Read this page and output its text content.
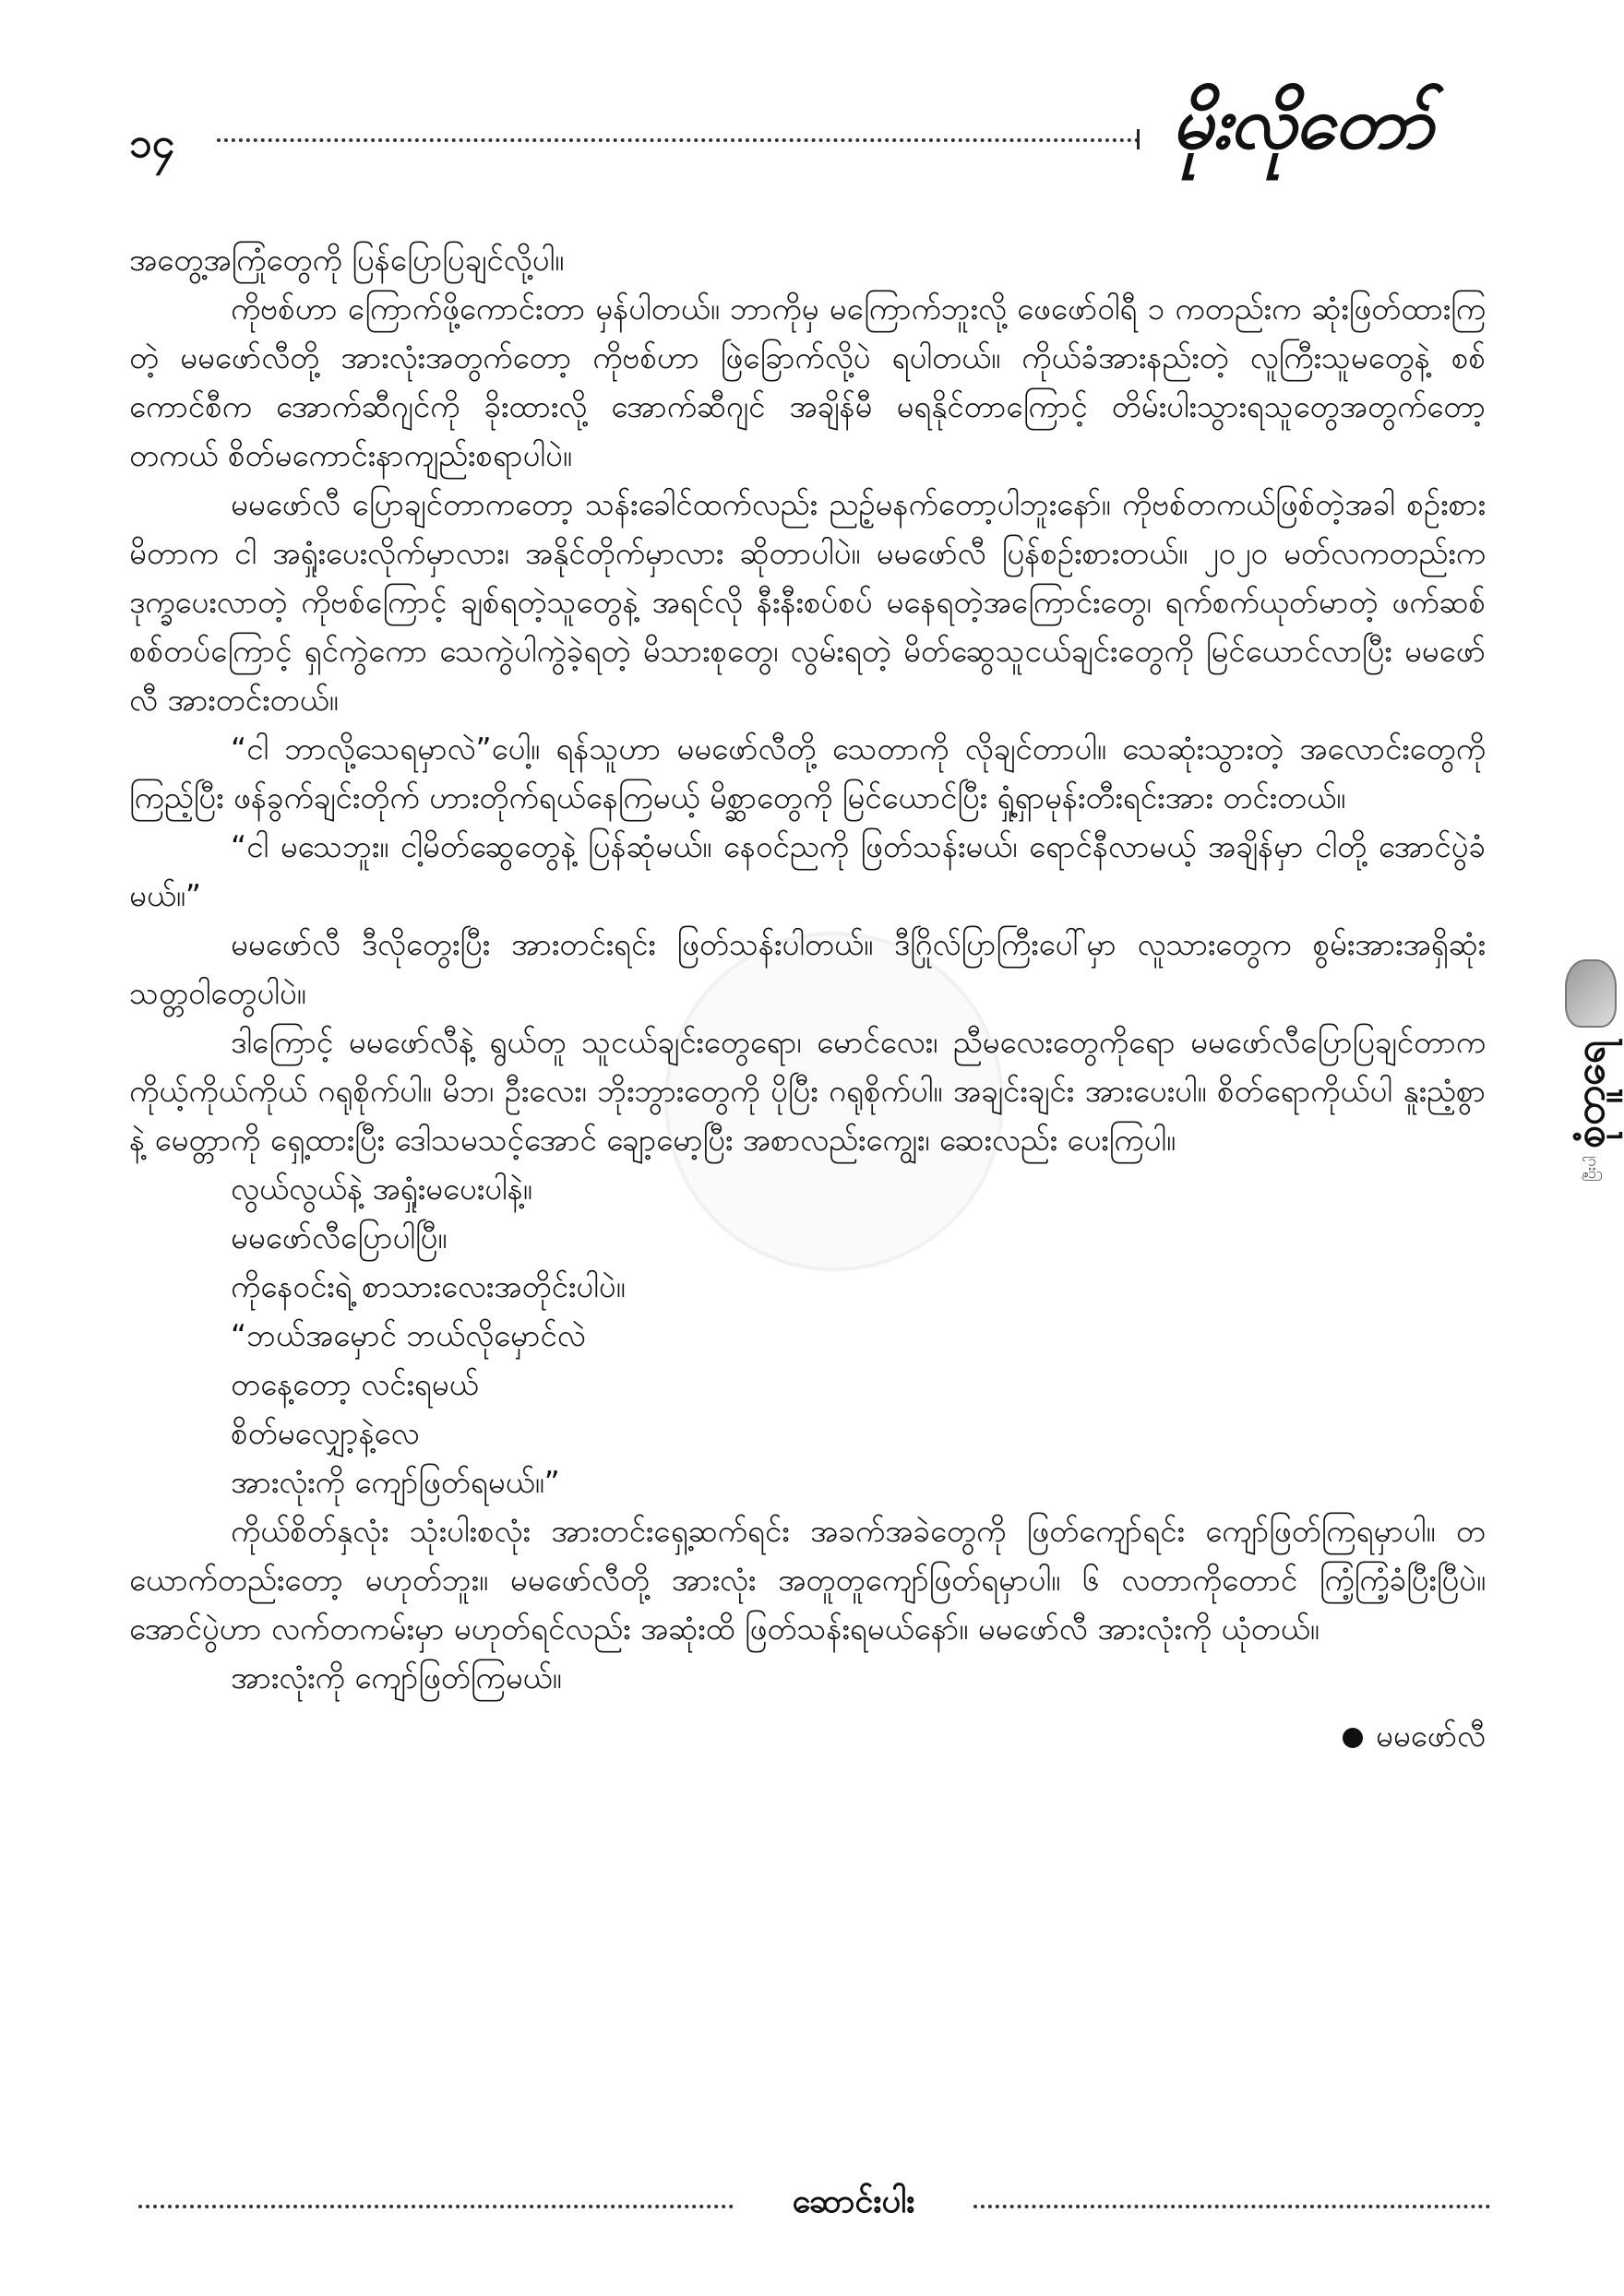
၁၄	မိုးလိုတော်

အတွေ့အကြုံတွေကို ပြန်ပြောပြချင်လို့ပါ။

ကိုဗစ်ဟာ ကြောက်ဖို့ကောင်းတာ မှန်ပါတယ်။ ဘာကိုမှ မကြောက်ဘူးလို့ ဖေဖော်ဝါရီ ၁ ကတည်းက ဆုံးဖြတ်ထားကြတဲ့ မမဖော်လီတို့ အားလုံးအတွက်တော့ ကိုဗစ်ဟာ ဖြဲခြောက်လို့ပဲ ရပါတယ်။ ကိုယ်ခံအားနည်းတဲ့ လူကြီးသူမတွေနဲ့ စစ်ကောင်စီက အောက်ဆီဂျင်ကို ခိုးထားလို့ အောက်ဆီဂျင် အချိန်မီ မရနိုင်တာကြောင့် တိမ်းပါးသွားရသူတွေအတွက်တော့ တကယ် စိတ်မကောင်းနာကျည်းစရာပါပဲ။

မမဖော်လီ ပြောချင်တာကတော့ သန်းခေါင်ထက်လည်း ညဥ့်မနက်တော့ပါဘူးနော်။ ကိုဗစ်တကယ်ဖြစ်တဲ့အခါ စဉ်းစားမိတာက ငါ အရှုံးပေးလိုက်မှာလား၊ အနိုင်တိုက်မှာလား ဆိုတာပါပဲ။ မမဖော်လီ ပြန်စဉ်းစားတယ်။ ၂၀၂၀ မတ်လကတည်းက ဒုက္ခပေးလာတဲ့ ကိုဗစ်ကြောင့် ချစ်ရတဲ့သူတွေနဲ့ အရင်လို နီးနီးစပ်စပ် မနေရတဲ့အကြောင်းတွေ၊ ရက်စက်ယုတ်မာတဲ့ ဖက်ဆစ်စစ်တပ်ကြောင့် ရှင်ကွဲကော သေကွဲပါကွဲခဲ့ရတဲ့ မိသားစုတွေ၊ လွမ်းရတဲ့ မိတ်ဆွေသူငယ်ချင်းတွေကို မြင်ယောင်လာပြီး မမဖော်လီ အားတင်းတယ်။

“ငါ ဘာလို့သေရမှာလဲ”ပေါ့။ ရန်သူဟာ မမဖော်လီတို့ သေတာကို လိုချင်တာပါ။ သေဆုံးသွားတဲ့ အလောင်းတွေကိုကြည့်ပြီး ဖန်ခွက်ချင်းတိုက် ဟားတိုက်ရယ်နေကြမယ့် မိစ္ဆာတွေကို မြင်ယောင်ပြီး ရှုံ့ရှာမုန်းတီးရင်းအား တင်းတယ်။

“ငါ မသေဘူး။ ငါ့မိတ်ဆွေတွေနဲ့ ပြန်ဆုံမယ်။ နေဝင်ညကို ဖြတ်သန်းမယ်၊ ရောင်နီလာမယ့် အချိန်မှာ ငါတို့ အောင်ပွဲခံမယ်။”

မမဖော်လီ ဒီလိုတွေးပြီး အားတင်းရင်း ဖြတ်သန်းပါတယ်။ ဒီဂြိုလ်ပြာကြီးပေါ်မှာ လူသားတွေက စွမ်းအားအရှိဆုံး သတ္တဝါတွေပါပဲ။

ဒါကြောင့် မမဖော်လီနဲ့ ရွယ်တူ သူငယ်ချင်းတွေရော၊ မောင်လေး၊ ညီမလေးတွေကိုရော မမဖော်လီပြောပြချင်တာက ကိုယ့်ကိုယ်ကိုယ် ဂရုစိုက်ပါ။ မိဘ၊ ဦးလေး၊ ဘိုးဘွားတွေကို ပိုပြီး ဂရုစိုက်ပါ။ အချင်းချင်း အားပေးပါ။ စိတ်ရောကိုယ်ပါ နူးညံ့စွာနဲ့ မေတ္တာကို ရှေ့ထားပြီး ဒေါသမသင့်အောင် ချော့မော့ပြီး အစာလည်းကျွေး၊ ဆေးလည်း ပေးကြပါ။

လွယ်လွယ်နဲ့ အရှုံးမပေးပါနဲ့။

မမဖော်လီပြောပါပြီ။

ကိုနေဝင်းရဲ့ စာသားလေးအတိုင်းပါပဲ။

“ဘယ်အမှောင် ဘယ်လိုမှောင်လဲ

တနေ့တော့ လင်းရမယ်

စိတ်မလျှော့နဲ့လေ

အားလုံးကို ကျော်ဖြတ်ရမယ်။”

ကိုယ်စိတ်နှလုံး သုံးပါးစလုံး အားတင်းရှေ့ဆက်ရင်း အခက်အခဲတွေကို ဖြတ်ကျော်ရင်း ကျော်ဖြတ်ကြရမှာပါ။ တယောက်တည်းတော့ မဟုတ်ဘူး။ မမဖော်လီတို့ အားလုံး အတူတူကျော်ဖြတ်ရမှာပါ။ ၆ လတာကိုတောင် ကြံ့ကြံ့ခံပြီးပြီပဲ။ အောင်ပွဲဟာ လက်တကမ်းမှာ မဟုတ်ရင်လည်း အဆုံးထိ ဖြတ်သန်းရမယ်နော်။ မမဖော်လီ အားလုံးကို ယုံတယ်။

အားလုံးကို ကျော်ဖြတ်ကြမယ်။

မမဖော်လီ

စုံတူရေ
ပြီးပါ
ဆောင်းပါး
